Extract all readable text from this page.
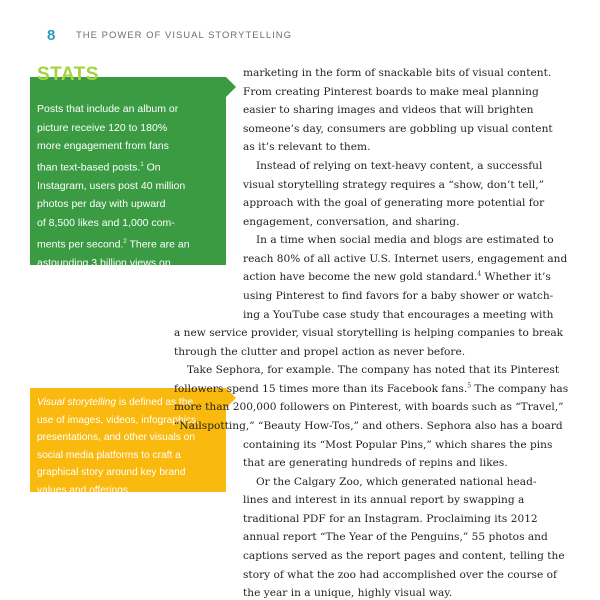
8 THE POWER OF VISUAL STORYTELLING
STATS
Posts that include an album or
picture receive 120 to 180%
more engagement from fans
than text-based posts.$^1$ On
Instagram, users post 40 million
photos per day with upward
of 8,500 likes and 1,000 com-
ments per second.$^2$ There are an
astounding 3 billion views on
YouTube daily.$^3$
Visual storytelling is defined as the
use of images, videos, infographics,
presentations, and other visuals on
social media platforms to craft a
graphical story around key brand
values and offerings.
marketing in the form of snackable bits of visual content.
From creating Pinterest boards to make meal planning
easier to sharing images and videos that will brighten
someone’s day, consumers are gobbling up visual content
as it’s relevant to them.
Instead of relying on text-heavy content, a successful
visual storytelling strategy requires a “show, don’t tell,”
approach with the goal of generating more potential for
engagement, conversation, and sharing.
In a time when social media and blogs are estimated to
reach 80% of all active U.S. Internet users, engagement and
action have become the new gold standard.$^4$ Whether it’s
using Pinterest to find favors for a baby shower or watch-
ing a YouTube case study that encourages a meeting with
a new service provider, visual storytelling is helping companies to break
through the clutter and propel action as never before.
Take Sephora, for example. The company has noted that its Pinterest
followers spend 15 times more than its Facebook fans.$^5$ The company has
more than 200,000 followers on Pinterest, with boards such as “Travel,”
“Nailspotting,” “Beauty How-Tos,” and others. Sephora also has a board
containing its “Most Popular Pins,” which shares the pins
that are generating hundreds of repins and likes.
Or the Calgary Zoo, which generated national head-
lines and interest in its annual report by swapping a
traditional PDF for an Instagram. Proclaiming its 2012
annual report “The Year of the Penguins,” 55 photos and
captions served as the report pages and content, telling the
story of what the zoo had accomplished over the course of
the year in a unique, highly visual way.
